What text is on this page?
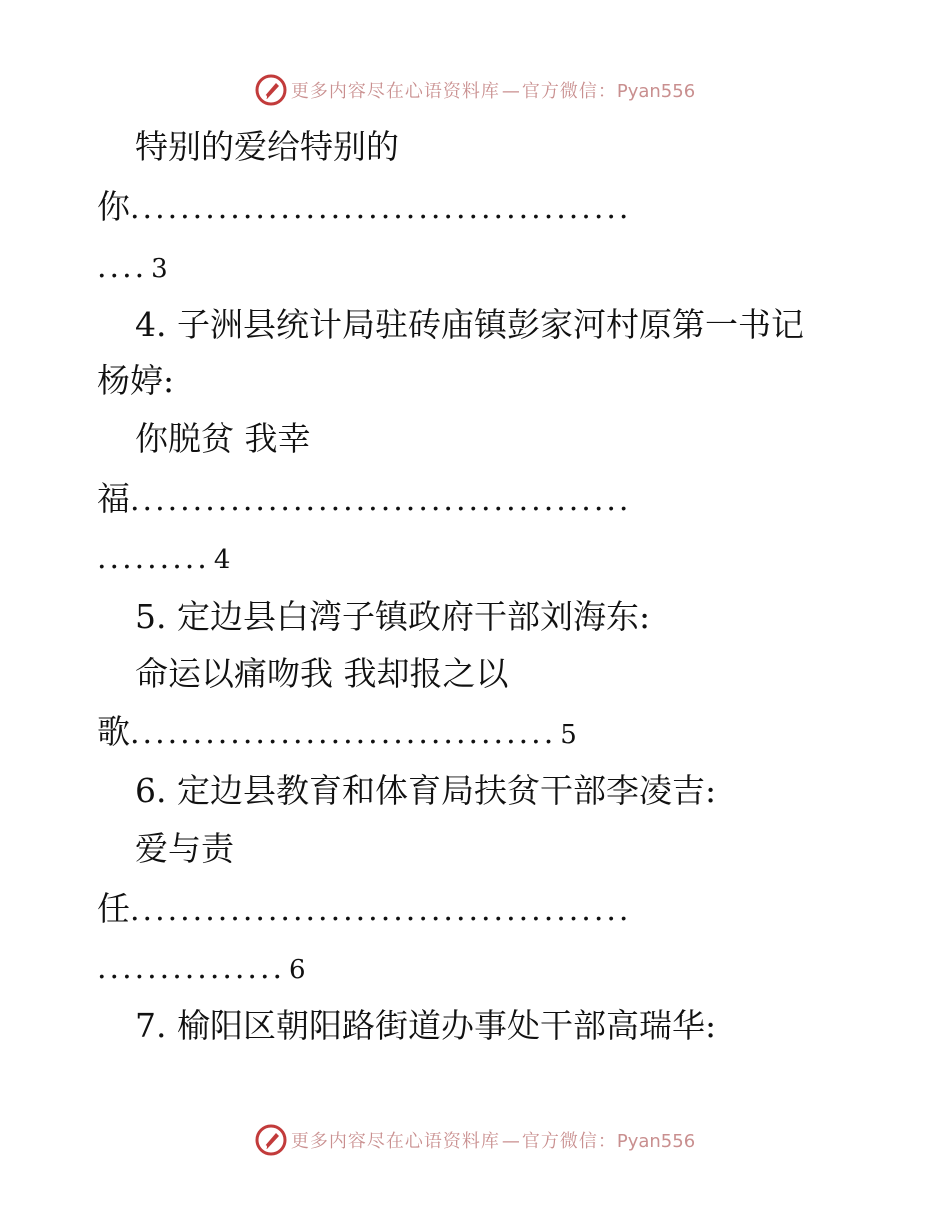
更多内容尽在心语资料库 — 官方微信：Pyan556
特别的爱给特别的
你........................................
.... 3
4. 子洲县统计局驻砖庙镇彭家河村原第一书记
杨婷:
你脱贫 我幸
福........................................
......... 4
5. 定边县白湾子镇政府干部刘海东:
命运以痛吻我 我却报之以
歌.................................. 5
6. 定边县教育和体育局扶贫干部李凌吉:
爱与责
任........................................
............... 6
7. 榆阳区朝阳路街道办事处干部高瑞华:
更多内容尽在心语资料库 — 官方微信：Pyan556
